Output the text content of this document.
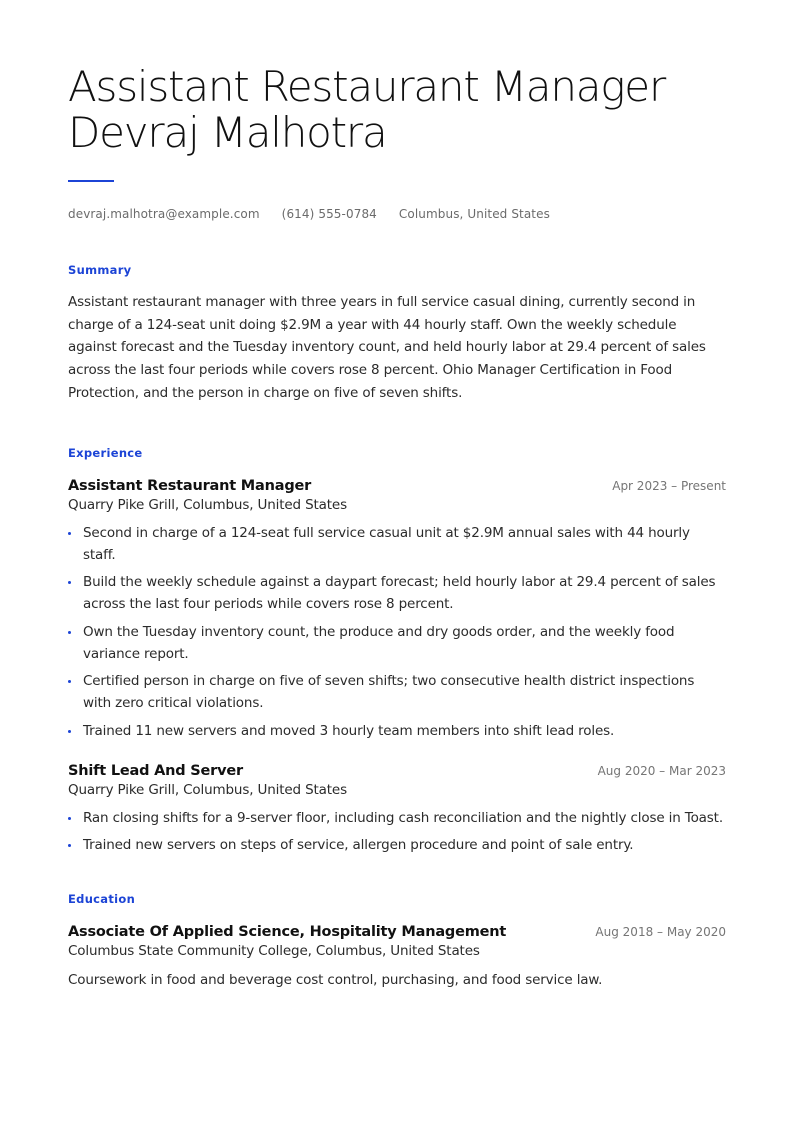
Assistant Restaurant Manager
Devraj Malhotra
devraj.malhotra@example.com (614) 555-0784 Columbus, United States
Summary
Assistant restaurant manager with three years in full service casual dining, currently second in charge of a 124-seat unit doing $2.9M a year with 44 hourly staff. Own the weekly schedule against forecast and the Tuesday inventory count, and held hourly labor at 29.4 percent of sales across the last four periods while covers rose 8 percent. Ohio Manager Certification in Food Protection, and the person in charge on five of seven shifts.
Experience
Assistant Restaurant Manager	Apr 2023 – Present
Quarry Pike Grill, Columbus, United States
Second in charge of a 124-seat full service casual unit at $2.9M annual sales with 44 hourly staff.
Build the weekly schedule against a daypart forecast; held hourly labor at 29.4 percent of sales across the last four periods while covers rose 8 percent.
Own the Tuesday inventory count, the produce and dry goods order, and the weekly food variance report.
Certified person in charge on five of seven shifts; two consecutive health district inspections with zero critical violations.
Trained 11 new servers and moved 3 hourly team members into shift lead roles.
Shift Lead And Server	Aug 2020 – Mar 2023
Quarry Pike Grill, Columbus, United States
Ran closing shifts for a 9-server floor, including cash reconciliation and the nightly close in Toast.
Trained new servers on steps of service, allergen procedure and point of sale entry.
Education
Associate Of Applied Science, Hospitality Management	Aug 2018 – May 2020
Columbus State Community College, Columbus, United States
Coursework in food and beverage cost control, purchasing, and food service law.
